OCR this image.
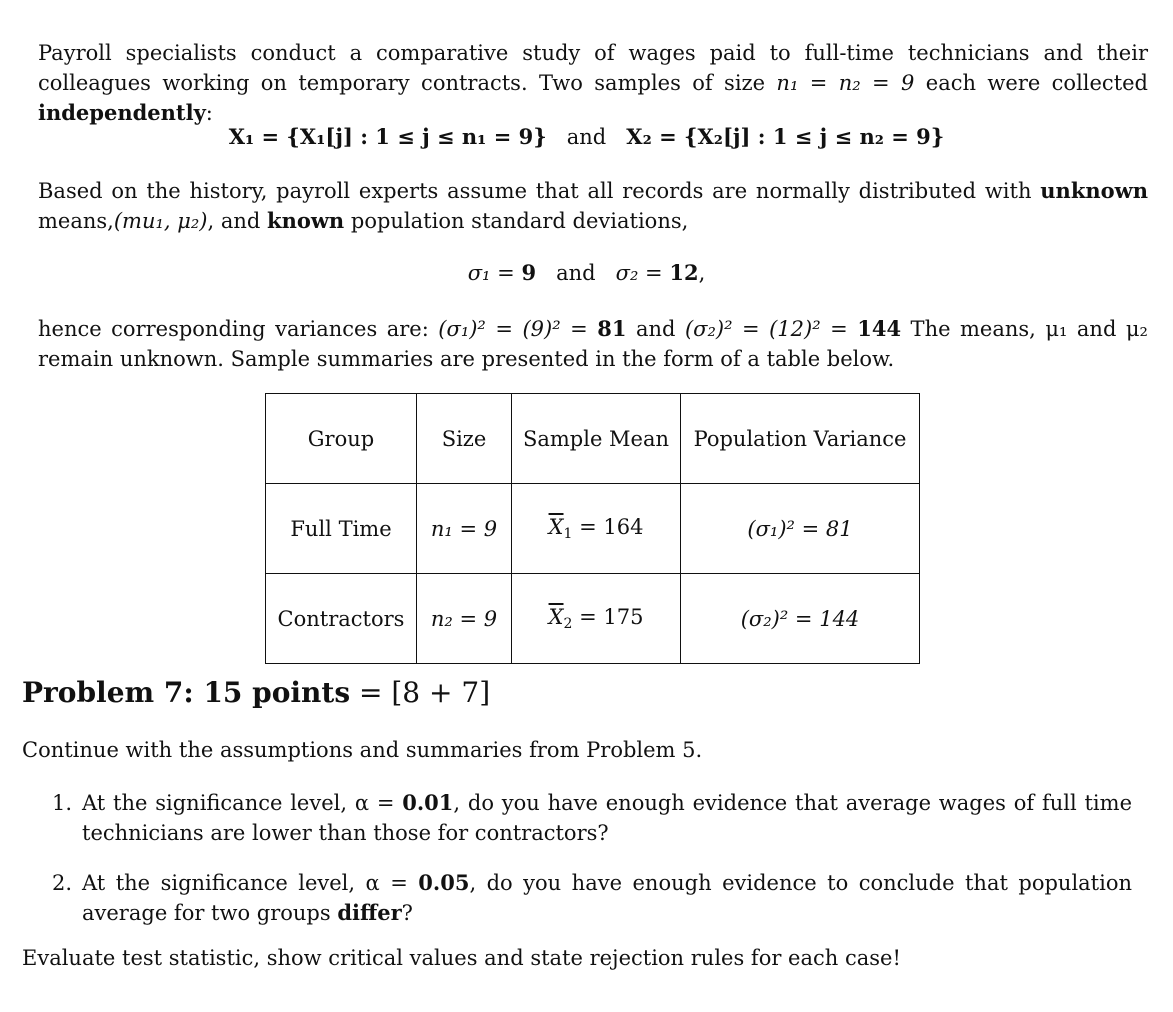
Payroll specialists conduct a comparative study of wages paid to full-time technicians and their colleagues working on temporary contracts. Two samples of size n₁ = n₂ = 9 each were collected independently:
X₁ = {X₁[j] : 1 ≤ j ≤ n₁ = 9} and X₂ = {X₂[j] : 1 ≤ j ≤ n₂ = 9}
Based on the history, payroll experts assume that all records are normally distributed with unknown means,(mu₁, μ₂), and known population standard deviations,
σ₁ = 9 and σ₂ = 12,
hence corresponding variances are: (σ₁)² = (9)² = 81 and (σ₂)² = (12)² = 144 The means, μ₁ and μ₂ remain unknown. Sample summaries are presented in the form of a table below.
Group	Size	Sample Mean	Population Variance
Full Time	n₁ = 9	$\overline{X}_1 = 164$	(σ₁)² = 81
Contractors	n₂ = 9	$\overline{X}_2 = 175$	(σ₂)² = 144
Problem 7: 15 points = [8 + 7]
Continue with the assumptions and summaries from Problem 5.
1. At the significance level, α = 0.01, do you have enough evidence that average wages of full time technicians are lower than those for contractors?
2. At the significance level, α = 0.05, do you have enough evidence to conclude that population average for two groups differ?
Evaluate test statistic, show critical values and state rejection rules for each case!
